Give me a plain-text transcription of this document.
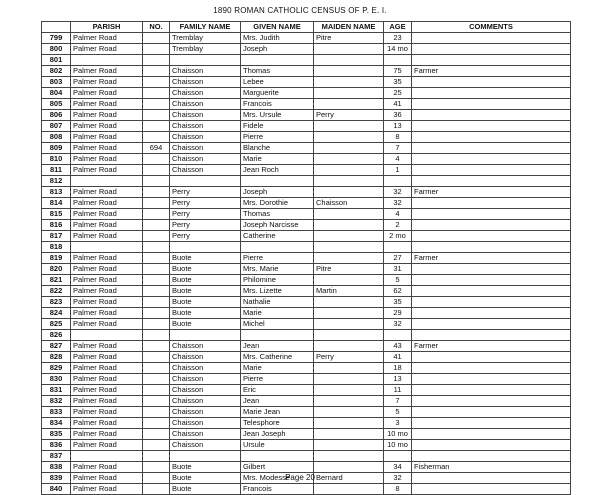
1890 ROMAN CATHOLIC CENSUS OF P. E. I.
	PARISH	NO.	FAMILY NAME	GIVEN NAME	MAIDEN NAME	AGE	COMMENTS
799	Palmer Road		Tremblay	Mrs. Judith	Pitre	23	
800	Palmer Road		Tremblay	Joseph		14 mo	
801							
802	Palmer Road		Chaisson	Thomas		75	Farmer
803	Palmer Road		Chaisson	Lebee		35	
804	Palmer Road		Chaisson	Marguerite		25	
805	Palmer Road		Chaisson	Francois		41	
806	Palmer Road		Chaisson	Mrs. Ursule	Perry	36	
807	Palmer Road		Chaisson	Fidele		13	
808	Palmer Road		Chaisson	Pierre		8	
809	Palmer Road	694	Chaisson	Blanche		7	
810	Palmer Road		Chaisson	Marie		4	
811	Palmer Road		Chaisson	Jean Roch		1	
812							
813	Palmer Road		Perry	Joseph		32	Farmer
814	Palmer Road		Perry	Mrs. Dorothie	Chaisson	32	
815	Palmer Road		Perry	Thomas		4	
816	Palmer Road		Perry	Joseph Narcisse		2	
817	Palmer Road		Perry	Catherine		2 mo	
818							
819	Palmer Road		Buote	Pierre		27	Farmer
820	Palmer Road		Buote	Mrs. Marie	Pitre	31	
821	Palmer Road		Buote	Philomine		5	
822	Palmer Road		Buote	Mrs. Lizette	Martin	62	
823	Palmer Road		Buote	Nathalie		35	
824	Palmer Road		Buote	Marie		29	
825	Palmer Road		Buote	Michel		32	
826							
827	Palmer Road		Chaisson	Jean		43	Farmer
828	Palmer Road		Chaisson	Mrs. Catherine	Perry	41	
829	Palmer Road		Chaisson	Marie		18	
830	Palmer Road		Chaisson	Pierre		13	
831	Palmer Road		Chaisson	Eric		11	
832	Palmer Road		Chaisson	Jean		7	
833	Palmer Road		Chaisson	Marie Jean		5	
834	Palmer Road		Chaisson	Telesphore		3	
835	Palmer Road		Chaisson	Jean Joseph		10 mo	
836	Palmer Road		Chaisson	Ursule		10 mo	
837							
838	Palmer Road		Buote	Gilbert		34	Fisherman
839	Palmer Road		Buote	Mrs. Modesse	Bernard	32	
840	Palmer Road		Buote	Francois		8	
Page 20
